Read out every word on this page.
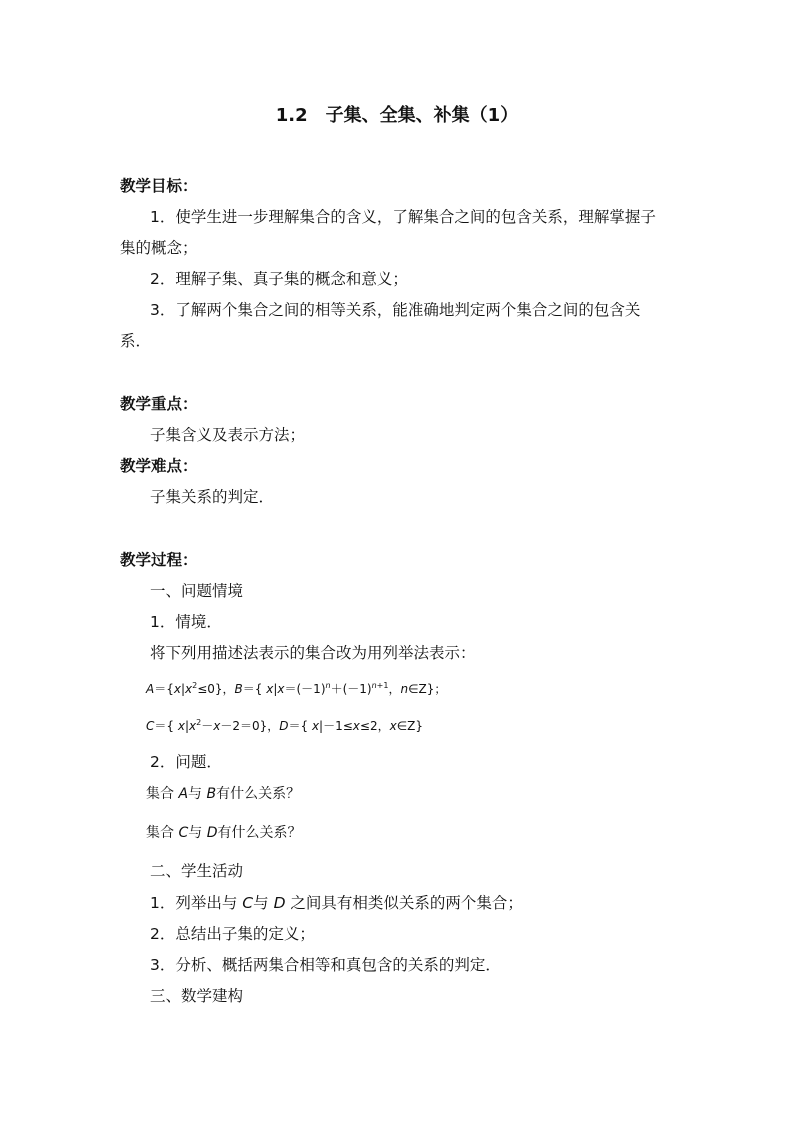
1.2　子集、全集、补集（1）
教学目标：
1．使学生进一步理解集合的含义，了解集合之间的包含关系，理解掌握子
集的概念；
2．理解子集、真子集的概念和意义；
3．了解两个集合之间的相等关系，能准确地判定两个集合之间的包含关
系．
教学重点：
子集含义及表示方法；
教学难点：
子集关系的判定．
教学过程：
一、问题情境
1．情境．
将下列用描述法表示的集合改为用列举法表示：
$A=\{x|x^2\le 0\}$，B＝{ $x|x=(-1)^n+(-1)^{n+1}$，n∈Z}；
C＝{ $x|x^2-x-2=0$}，D＝{ x|－1≤x≤2，x∈Z}
2．问题．
集合 A与 B有什么关系？
集合 C与 D有什么关系？
二、学生活动
1．列举出与 C与 D 之间具有相类似关系的两个集合；
2．总结出子集的定义；
3．分析、概括两集合相等和真包含的关系的判定．
三、数学建构
